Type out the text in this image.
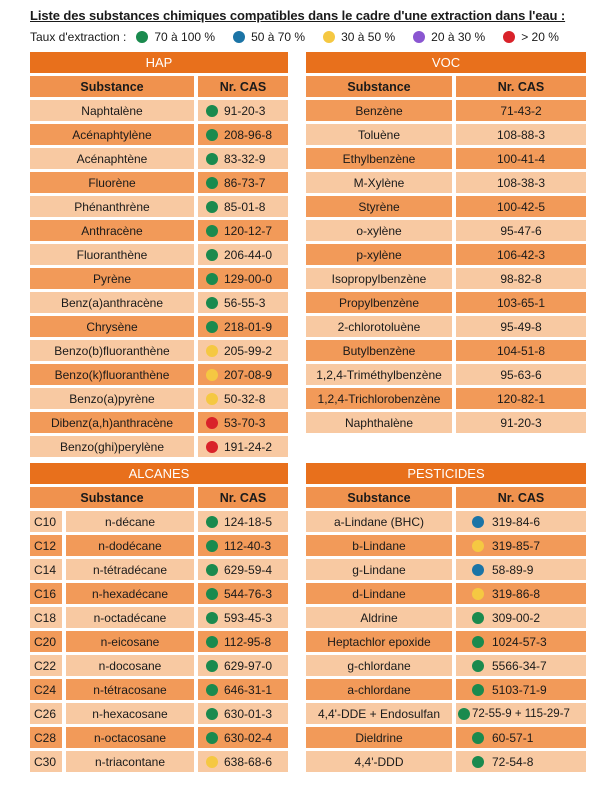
Liste des substances chimiques compatibles dans le cadre d'une extraction dans l'eau :
Taux d'extraction : 70 à 100 %	50 à 70 %	30 à 50 %	20 à 30 %	> 20 %
HAP
Substance	Nr. CAS
Naphtalène	91-20-3
Acénaphtylène	208-96-8
Acénaphtène	83-32-9
Fluorène	86-73-7
Phénanthrène	85-01-8
Anthracène	120-12-7
Fluoranthène	206-44-0
Pyrène	129-00-0
Benz(a)anthracène	56-55-3
Chrysène	218-01-9
Benzo(b)fluoranthène	205-99-2
Benzo(k)fluoranthène	207-08-9
Benzo(a)pyrène	50-32-8
Dibenz(a,h)anthracène	53-70-3
Benzo(ghi)perylène	191-24-2
VOC
Substance	Nr. CAS
Benzène	71-43-2
Toluène	108-88-3
Ethylbenzène	100-41-4
M-Xylène	108-38-3
Styrène	100-42-5
o-xylène	95-47-6
p-xylène	106-42-3
Isopropylbenzène	98-82-8
Propylbenzène	103-65-1
2-chlorotoluène	95-49-8
Butylbenzène	104-51-8
1,2,4-Triméthylbenzène	95-63-6
1,2,4-Trichlorobenzène	120-82-1
Naphthalène	91-20-3
ALCANES
Substance	Nr. CAS
C10	n-décane	124-18-5
C12	n-dodécane	112-40-3
C14	n-tétradécane	629-59-4
C16	n-hexadécane	544-76-3
C18	n-octadécane	593-45-3
C20	n-eicosane	112-95-8
C22	n-docosane	629-97-0
C24	n-tétracosane	646-31-1
C26	n-hexacosane	630-01-3
C28	n-octacosane	630-02-4
C30	n-triacontane	638-68-6
PESTICIDES
Substance	Nr. CAS
a-Lindane (BHC)	319-84-6
b-Lindane	319-85-7
g-Lindane	58-89-9
d-Lindane	319-86-8
Aldrine	309-00-2
Heptachlor epoxide	1024-57-3
g-chlordane	5566-34-7
a-chlordane	5103-71-9
4,4'-DDE + Endosulfan	72-55-9 + 115-29-7
Dieldrine	60-57-1
4,4'-DDD	72-54-8
